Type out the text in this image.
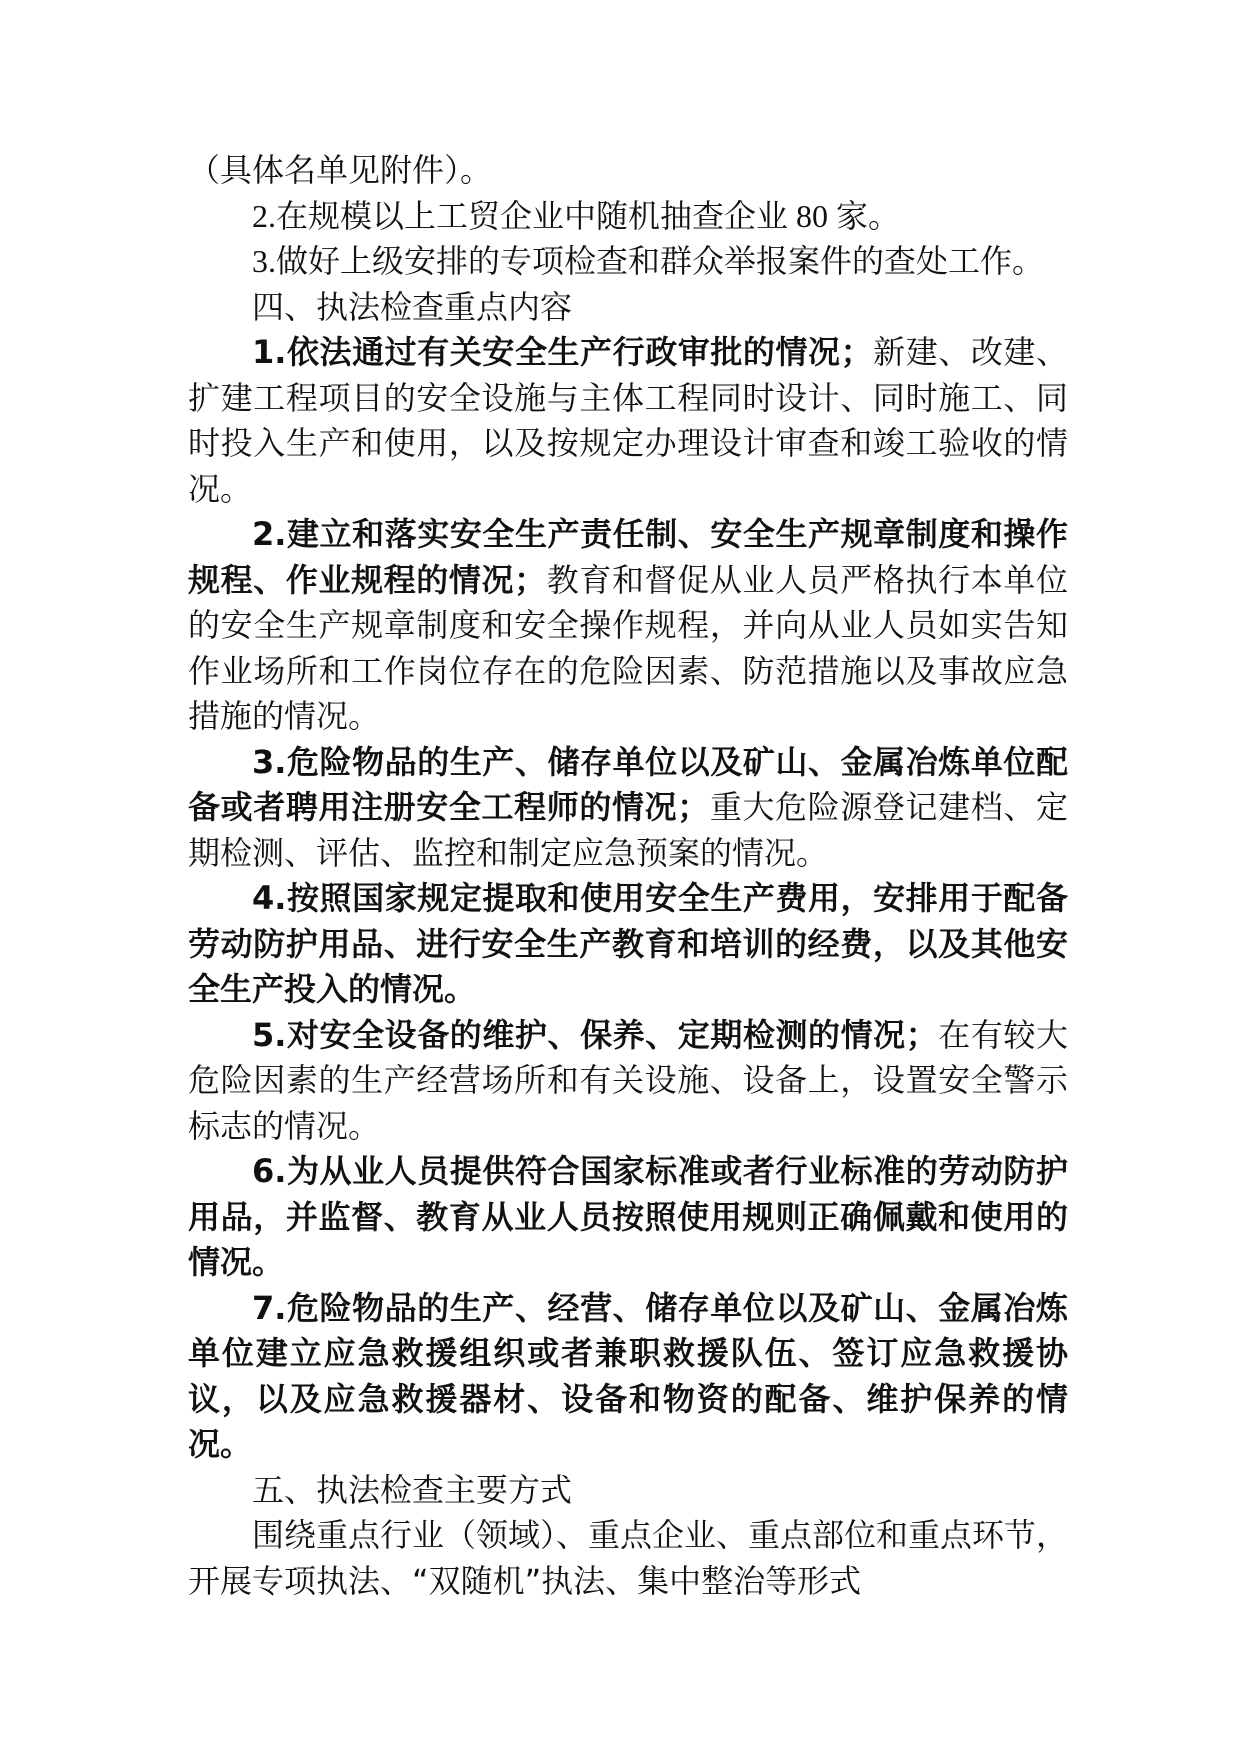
（具体名单见附件）。

2.在规模以上工贸企业中随机抽查企业 80 家。

3.做好上级安排的专项检查和群众举报案件的查处工作。

四、执法检查重点内容

1.依法通过有关安全生产行政审批的情况；新建、改建、扩建工程项目的安全设施与主体工程同时设计、同时施工、同时投入生产和使用，以及按规定办理设计审查和竣工验收的情况。

2.建立和落实安全生产责任制、安全生产规章制度和操作规程、作业规程的情况；教育和督促从业人员严格执行本单位的安全生产规章制度和安全操作规程，并向从业人员如实告知作业场所和工作岗位存在的危险因素、防范措施以及事故应急措施的情况。

3.危险物品的生产、储存单位以及矿山、金属冶炼单位配备或者聘用注册安全工程师的情况；重大危险源登记建档、定期检测、评估、监控和制定应急预案的情况。

4.按照国家规定提取和使用安全生产费用，安排用于配备劳动防护用品、进行安全生产教育和培训的经费，以及其他安全生产投入的情况。

5.对安全设备的维护、保养、定期检测的情况；在有较大危险因素的生产经营场所和有关设施、设备上，设置安全警示标志的情况。

6.为从业人员提供符合国家标准或者行业标准的劳动防护用品，并监督、教育从业人员按照使用规则正确佩戴和使用的情况。

7.危险物品的生产、经营、储存单位以及矿山、金属冶炼单位建立应急救援组织或者兼职救援队伍、签订应急救援协议，以及应急救援器材、设备和物资的配备、维护保养的情况。

五、执法检查主要方式

围绕重点行业（领域）、重点企业、重点部位和重点环节，开展专项执法、“双随机”执法、集中整治等形式
